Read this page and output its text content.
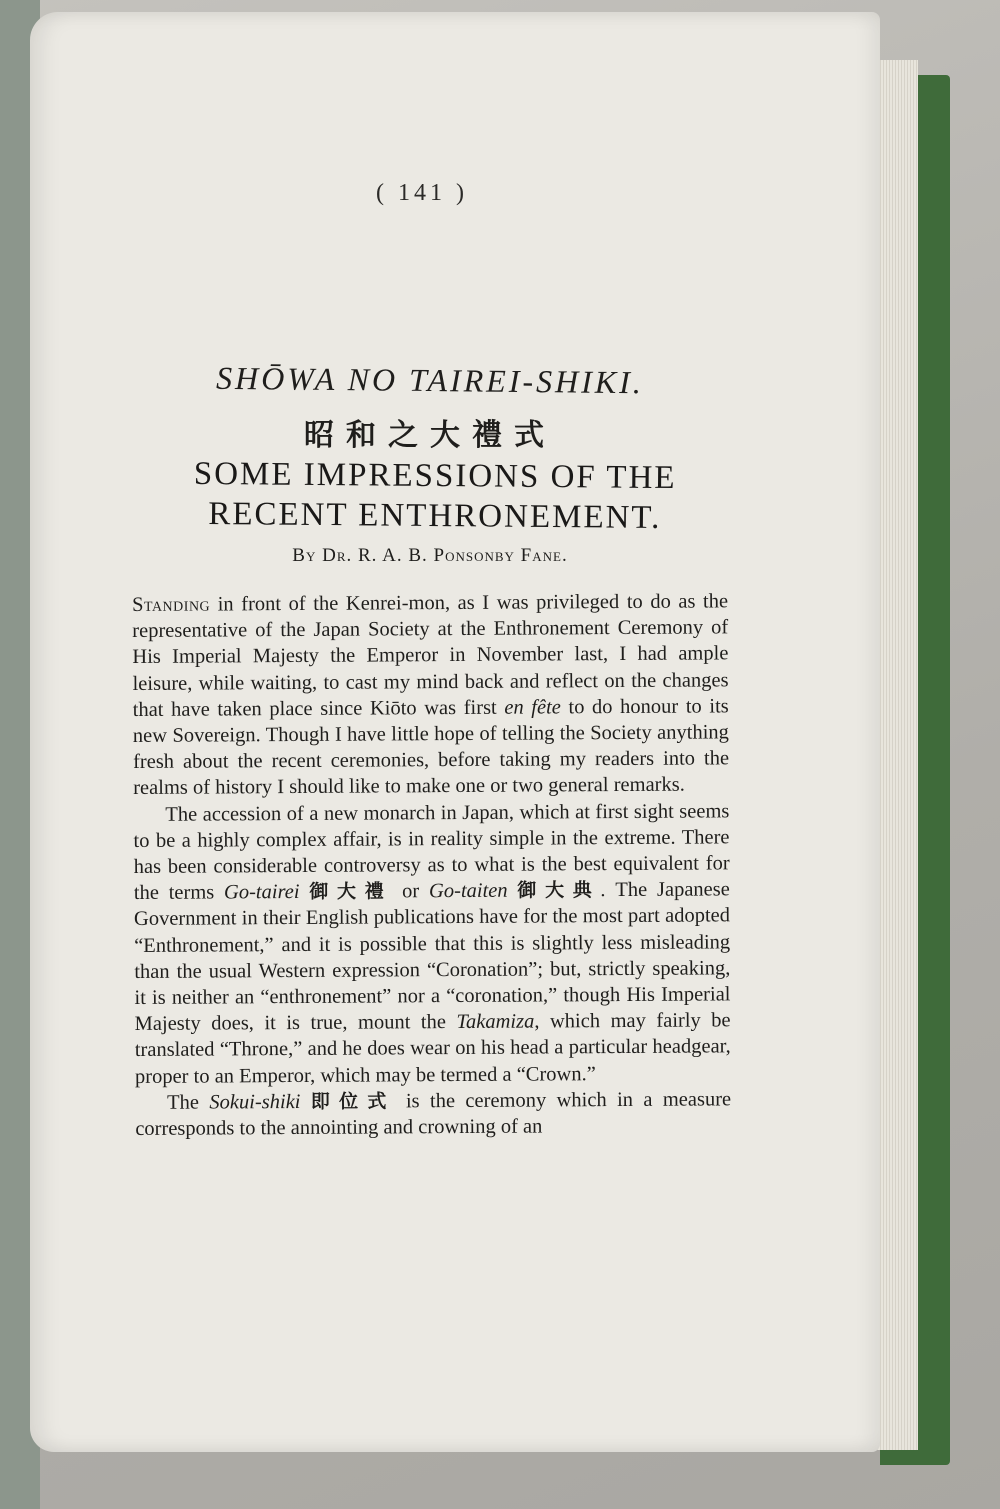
( 141 )
SHŌWA NO TAIREI-SHIKI.
昭和之大禮式
SOME IMPRESSIONS OF THE
RECENT ENTHRONEMENT.
By Dr. R. A. B. Ponsonby Fane.

Standing in front of the Kenrei-mon, as I was privileged to do as the representative of the Japan Society at the Enthronement Ceremony of His Imperial Majesty the Emperor in November last, I had ample leisure, while waiting, to cast my mind back and reflect on the changes that have taken place since Kiōto was first en fête to do honour to its new Sovereign. Though I have little hope of telling the Society anything fresh about the recent ceremonies, before taking my readers into the realms of history I should like to make one or two general remarks.

The accession of a new monarch in Japan, which at first sight seems to be a highly complex affair, is in reality simple in the extreme. There has been considerable controversy as to what is the best equivalent for the terms Go-tairei 御大禮 or Go-taiten 御大典. The Japanese Government in their English publications have for the most part adopted “Enthronement,” and it is possible that this is slightly less misleading than the usual Western expression “Coronation”; but, strictly speaking, it is neither an “enthronement” nor a “coronation,” though His Imperial Majesty does, it is true, mount the Takamiza, which may fairly be translated “Throne,” and he does wear on his head a particular headgear, proper to an Emperor, which may be termed a “Crown.”

The Sokui-shiki 即位式 is the ceremony which in a measure corresponds to the annointing and crowning of an
